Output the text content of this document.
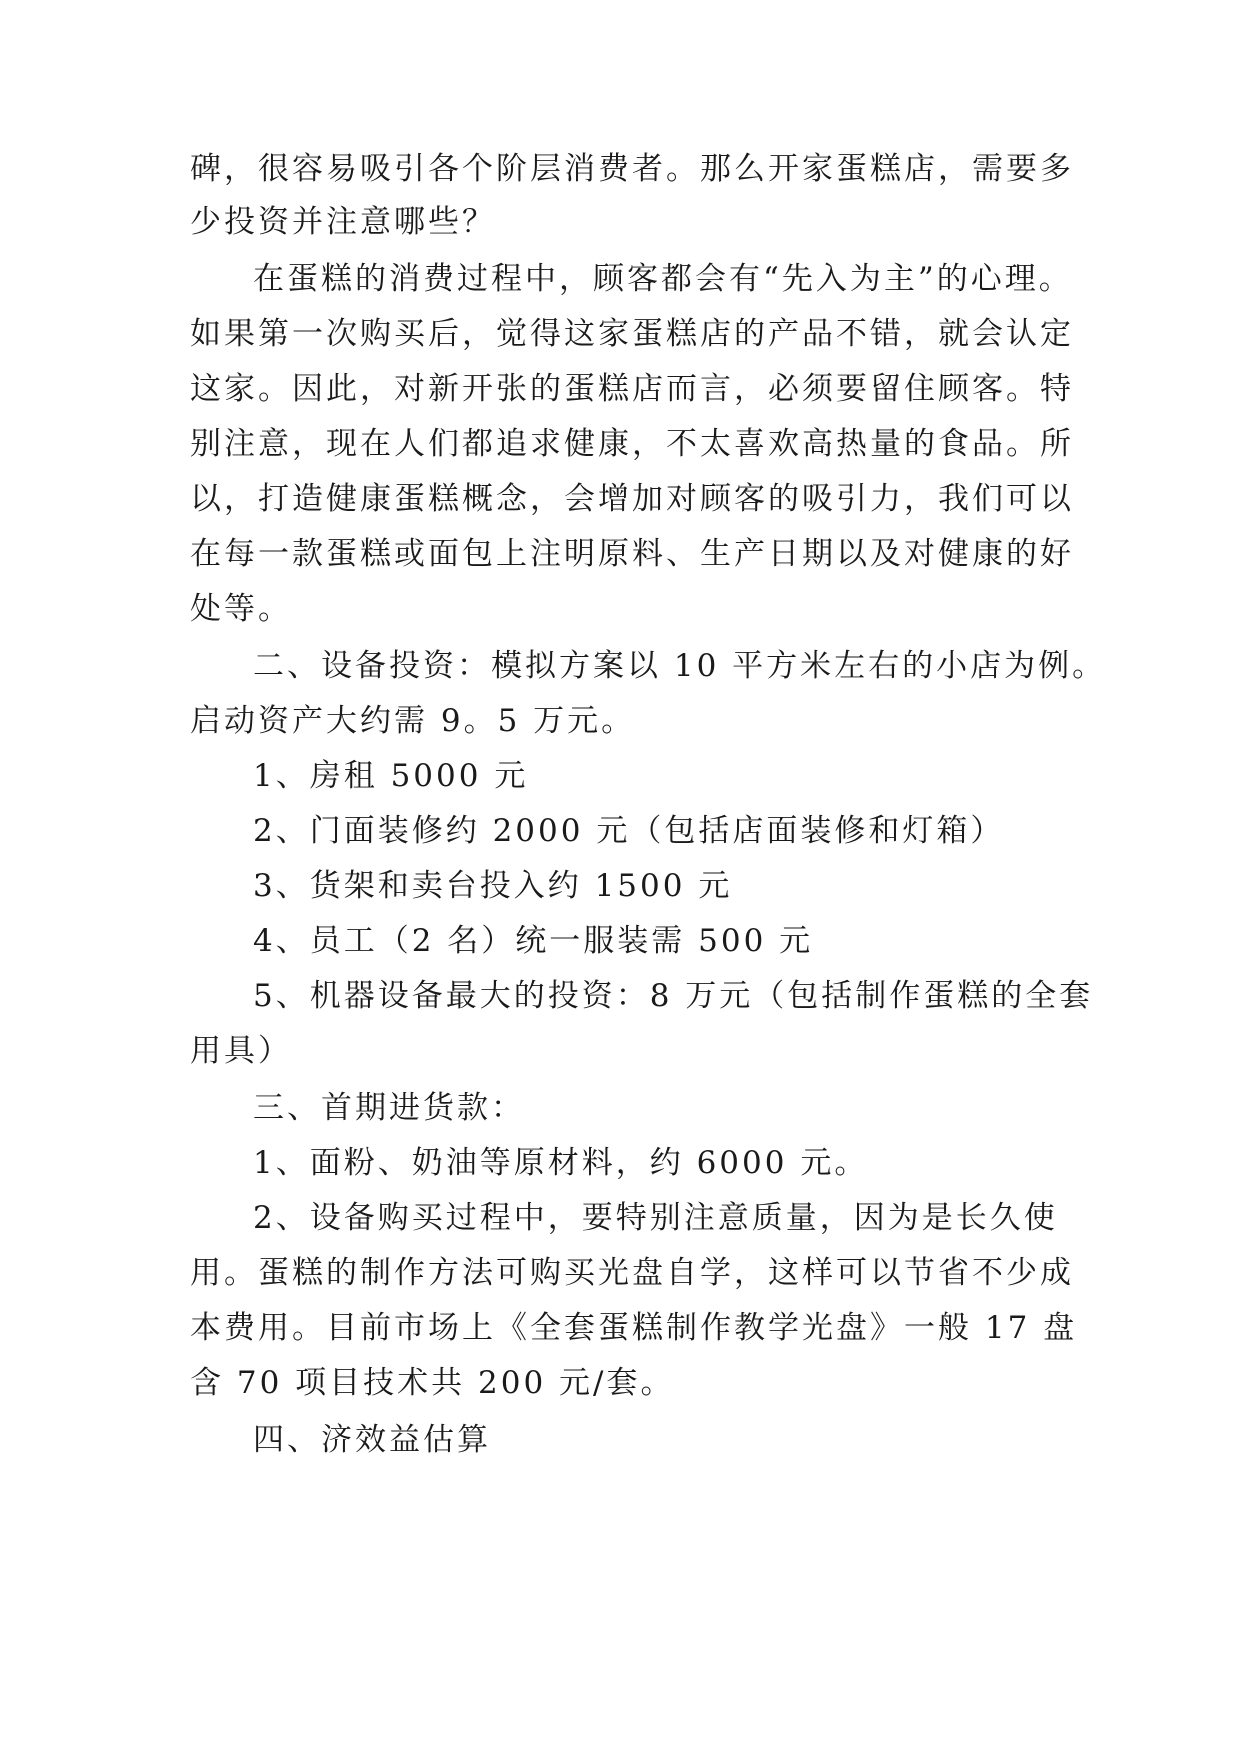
碑，很容易吸引各个阶层消费者。那么开家蛋糕店，需要多
少投资并注意哪些？
在蛋糕的消费过程中，顾客都会有“先入为主”的心理。
如果第一次购买后，觉得这家蛋糕店的产品不错，就会认定
这家。因此，对新开张的蛋糕店而言，必须要留住顾客。特
别注意，现在人们都追求健康，不太喜欢高热量的食品。所
以，打造健康蛋糕概念，会增加对顾客的吸引力，我们可以
在每一款蛋糕或面包上注明原料、生产日期以及对健康的好
处等。
二、设备投资：模拟方案以 10 平方米左右的小店为例。
启动资产大约需 9。5 万元。
1、房租 5000 元
2、门面装修约 2000 元（包括店面装修和灯箱）
3、货架和卖台投入约 1500 元
4、员工（2 名）统一服装需 500 元
5、机器设备最大的投资：8 万元（包括制作蛋糕的全套
用具）
三、首期进货款：
1、面粉、奶油等原材料，约 6000 元。
2、设备购买过程中，要特别注意质量，因为是长久使
用。蛋糕的制作方法可购买光盘自学，这样可以节省不少成
本费用。目前市场上《全套蛋糕制作教学光盘》一般 17 盘
含 70 项目技术共 200 元/套。
四、济效益估算
